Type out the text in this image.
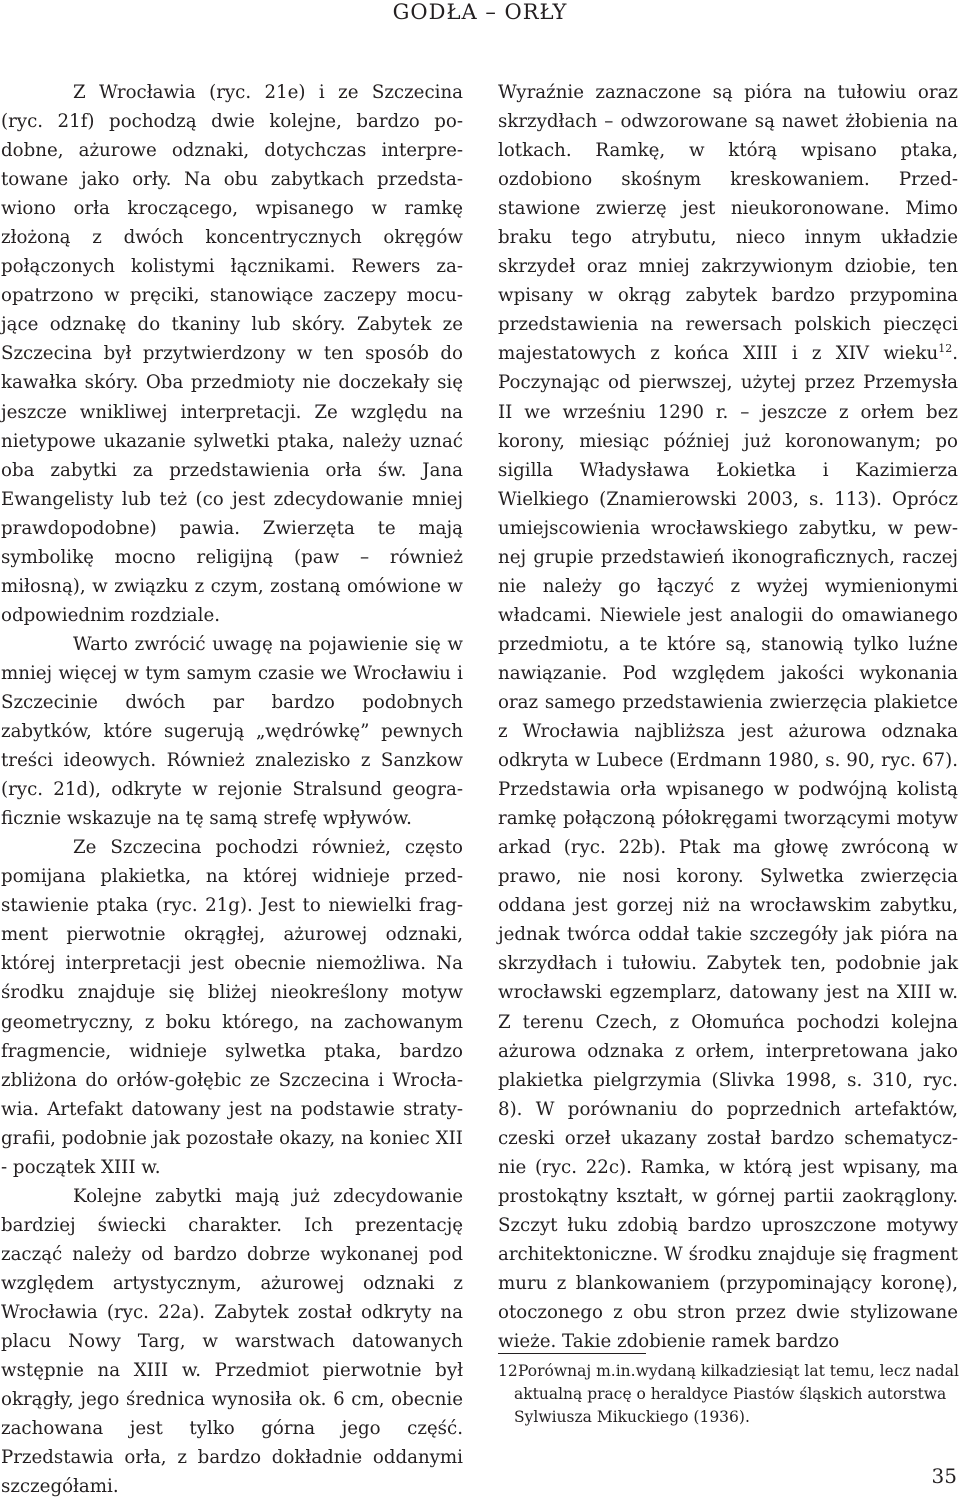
GODŁA – ORŁY

Z Wrocławia (ryc. 21e) i ze Szczecina (ryc. 21f) pochodzą dwie kolejne, bardzo podobne, ażurowe odznaki, dotychczas interpretowane jako orły. Na obu zabytkach przedstawiono orła kroczącego, wpisanego w ramkę złożoną z dwóch koncentrycznych okręgów połączonych kolistymi łącznikami. Rewers zaopatrzono w pręciki, stanowiące zaczepy mocujące odznakę do tkaniny lub skóry. Zabytek ze Szczecina był przytwierdzony w ten sposób do kawałka skóry. Oba przedmioty nie doczekały się jeszcze wnikliwej interpretacji. Ze względu na nietypowe ukazanie sylwetki ptaka, należy uznać oba zabytki za przedstawienia orła św. Jana Ewangelisty lub też (co jest zdecydowanie mniej prawdopodobne) pawia. Zwierzęta te mają symbolikę mocno religijną (paw – również miłosną), w związku z czym, zostaną omówione w odpowiednim rozdziale.

Warto zwrócić uwagę na pojawienie się w mniej więcej w tym samym czasie we Wrocławiu i Szczecinie dwóch par bardzo podobnych zabytków, które sugerują „wędrówkę” pewnych treści ideowych. Również znalezisko z Sanzkow (ryc. 21d), odkryte w rejonie Stralsund geograficznie wskazuje na tę samą strefę wpływów.

Ze Szczecina pochodzi również, często pomijana plakietka, na której widnieje przedstawienie ptaka (ryc. 21g). Jest to niewielki fragment pierwotnie okrągłej, ażurowej odznaki, której interpretacji jest obecnie niemożliwa. Na środku znajduje się bliżej nieokreślony motyw geometryczny, z boku którego, na zachowanym fragmencie, widnieje sylwetka ptaka, bardzo zbliżona do orłów-gołębic ze Szczecina i Wrocławia. Artefakt datowany jest na podstawie stratygrafii, podobnie jak pozostałe okazy, na koniec XII - początek XIII w.

Kolejne zabytki mają już zdecydowanie bardziej świecki charakter. Ich prezentację zacząć należy od bardzo dobrze wykonanej pod względem artystycznym, ażurowej odznaki z Wrocławia (ryc. 22a). Zabytek został odkryty na placu Nowy Targ, w warstwach datowanych wstępnie na XIII w. Przedmiot pierwotnie był okrągły, jego średnica wynosiła ok. 6 cm, obecnie zachowana jest tylko górna jego część. Przedstawia orła, z bardzo dokładnie oddanymi szczegółami.

Wyraźnie zaznaczone są pióra na tułowiu oraz skrzydłach – odwzorowane są nawet żłobienia na lotkach. Ramkę, w którą wpisano ptaka, ozdobiono skośnym kreskowaniem. Przedstawione zwierzę jest nieukoronowane. Mimo braku tego atrybutu, nieco innym układzie skrzydeł oraz mniej zakrzywionym dziobie, ten wpisany w okrąg zabytek bardzo przypomina przedstawienia na rewersach polskich pieczęci majestatowych z końca XIII i z XIV wieku$^{12}$. Poczynając od pierwszej, użytej przez Przemysła II we wrześniu 1290 r. – jeszcze z orłem bez korony, miesiąc później już koronowanym; po sigilla Władysława Łokietka i Kazimierza Wielkiego (Znamierowski 2003, s. 113). Oprócz umiejscowienia wrocławskiego zabytku, w pewnej grupie przedstawień ikonograficznych, raczej nie należy go łączyć z wyżej wymienionymi władcami. Niewiele jest analogii do omawianego przedmiotu, a te które są, stanowią tylko luźne nawiązanie. Pod względem jakości wykonania oraz samego przedstawienia zwierzęcia plakietce z Wrocławia najbliższa jest ażurowa odznaka odkryta w Lubece (Erdmann 1980, s. 90, ryc. 67). Przedstawia orła wpisanego w podwójną kolistą ramkę połączoną półokręgami tworzącymi motyw arkad (ryc. 22b). Ptak ma głowę zwróconą w prawo, nie nosi korony. Sylwetka zwierzęcia oddana jest gorzej niż na wrocławskim zabytku, jednak twórca oddał takie szczegóły jak pióra na skrzydłach i tułowiu. Zabytek ten, podobnie jak wrocławski egzemplarz, datowany jest na XIII w. Z terenu Czech, z Ołomuńca pochodzi kolejna ażurowa odznaka z orłem, interpretowana jako plakietka pielgrzymia (Slivka 1998, s. 310, ryc. 8). W porównaniu do poprzednich artefaktów, czeski orzeł ukazany został bardzo schematycznie (ryc. 22c). Ramka, w którą jest wpisany, ma prostokątny kształt, w górnej partii zaokrąglony. Szczyt łuku zdobią bardzo uproszczone motywy architektoniczne. W środku znajduje się fragment muru z blankowaniem (przypominający koronę), otoczonego z obu stron przez dwie stylizowane wieże. Takie zdobienie ramek bardzo

12 Porównaj m.in.wydaną kilkadziesiąt lat temu, lecz nadal aktualną pracę o heraldyce Piastów śląskich autorstwa Sylwiusza Mikuckiego (1936).
35
